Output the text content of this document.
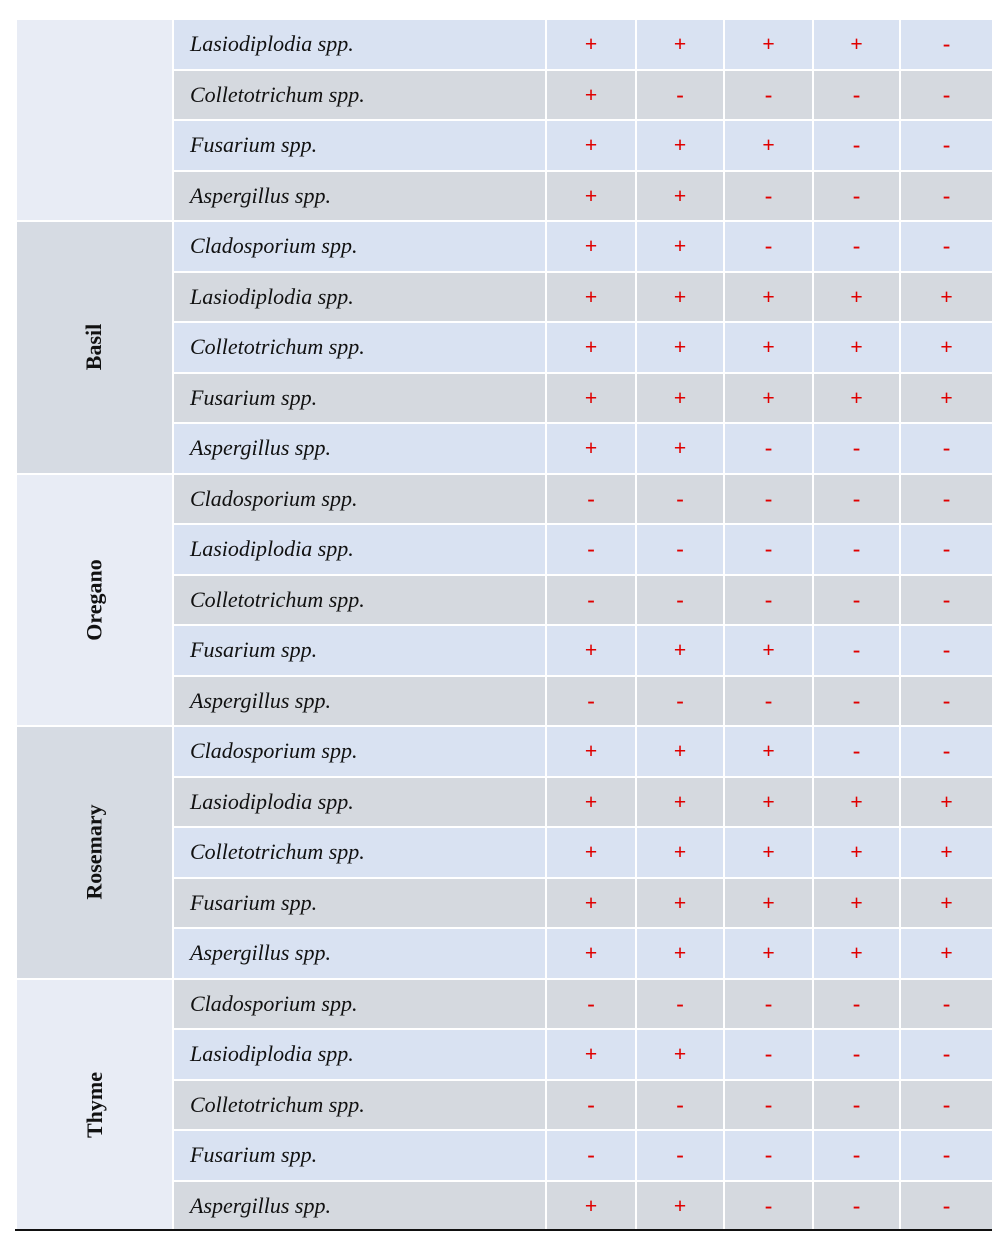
	Lasiodiplodia spp.	+	+	+	+	-
	Colletotrichum spp.	+	-	-	-	-
	Fusarium spp.	+	+	+	-	-
	Aspergillus spp.	+	+	-	-	-
Basil	Cladosporium spp.	+	+	-	-	-
	Lasiodiplodia spp.	+	+	+	+	+
	Colletotrichum spp.	+	+	+	+	+
	Fusarium spp.	+	+	+	+	+
	Aspergillus spp.	+	+	-	-	-
Oregano	Cladosporium spp.	-	-	-	-	-
	Lasiodiplodia spp.	-	-	-	-	-
	Colletotrichum spp.	-	-	-	-	-
	Fusarium spp.	+	+	+	-	-
	Aspergillus spp.	-	-	-	-	-
Rosemary	Cladosporium spp.	+	+	+	-	-
	Lasiodiplodia spp.	+	+	+	+	+
	Colletotrichum spp.	+	+	+	+	+
	Fusarium spp.	+	+	+	+	+
	Aspergillus spp.	+	+	+	+	+
Thyme	Cladosporium spp.	-	-	-	-	-
	Lasiodiplodia spp.	+	+	-	-	-
	Colletotrichum spp.	-	-	-	-	-
	Fusarium spp.	-	-	-	-	-
	Aspergillus spp.	+	+	-	-	-
